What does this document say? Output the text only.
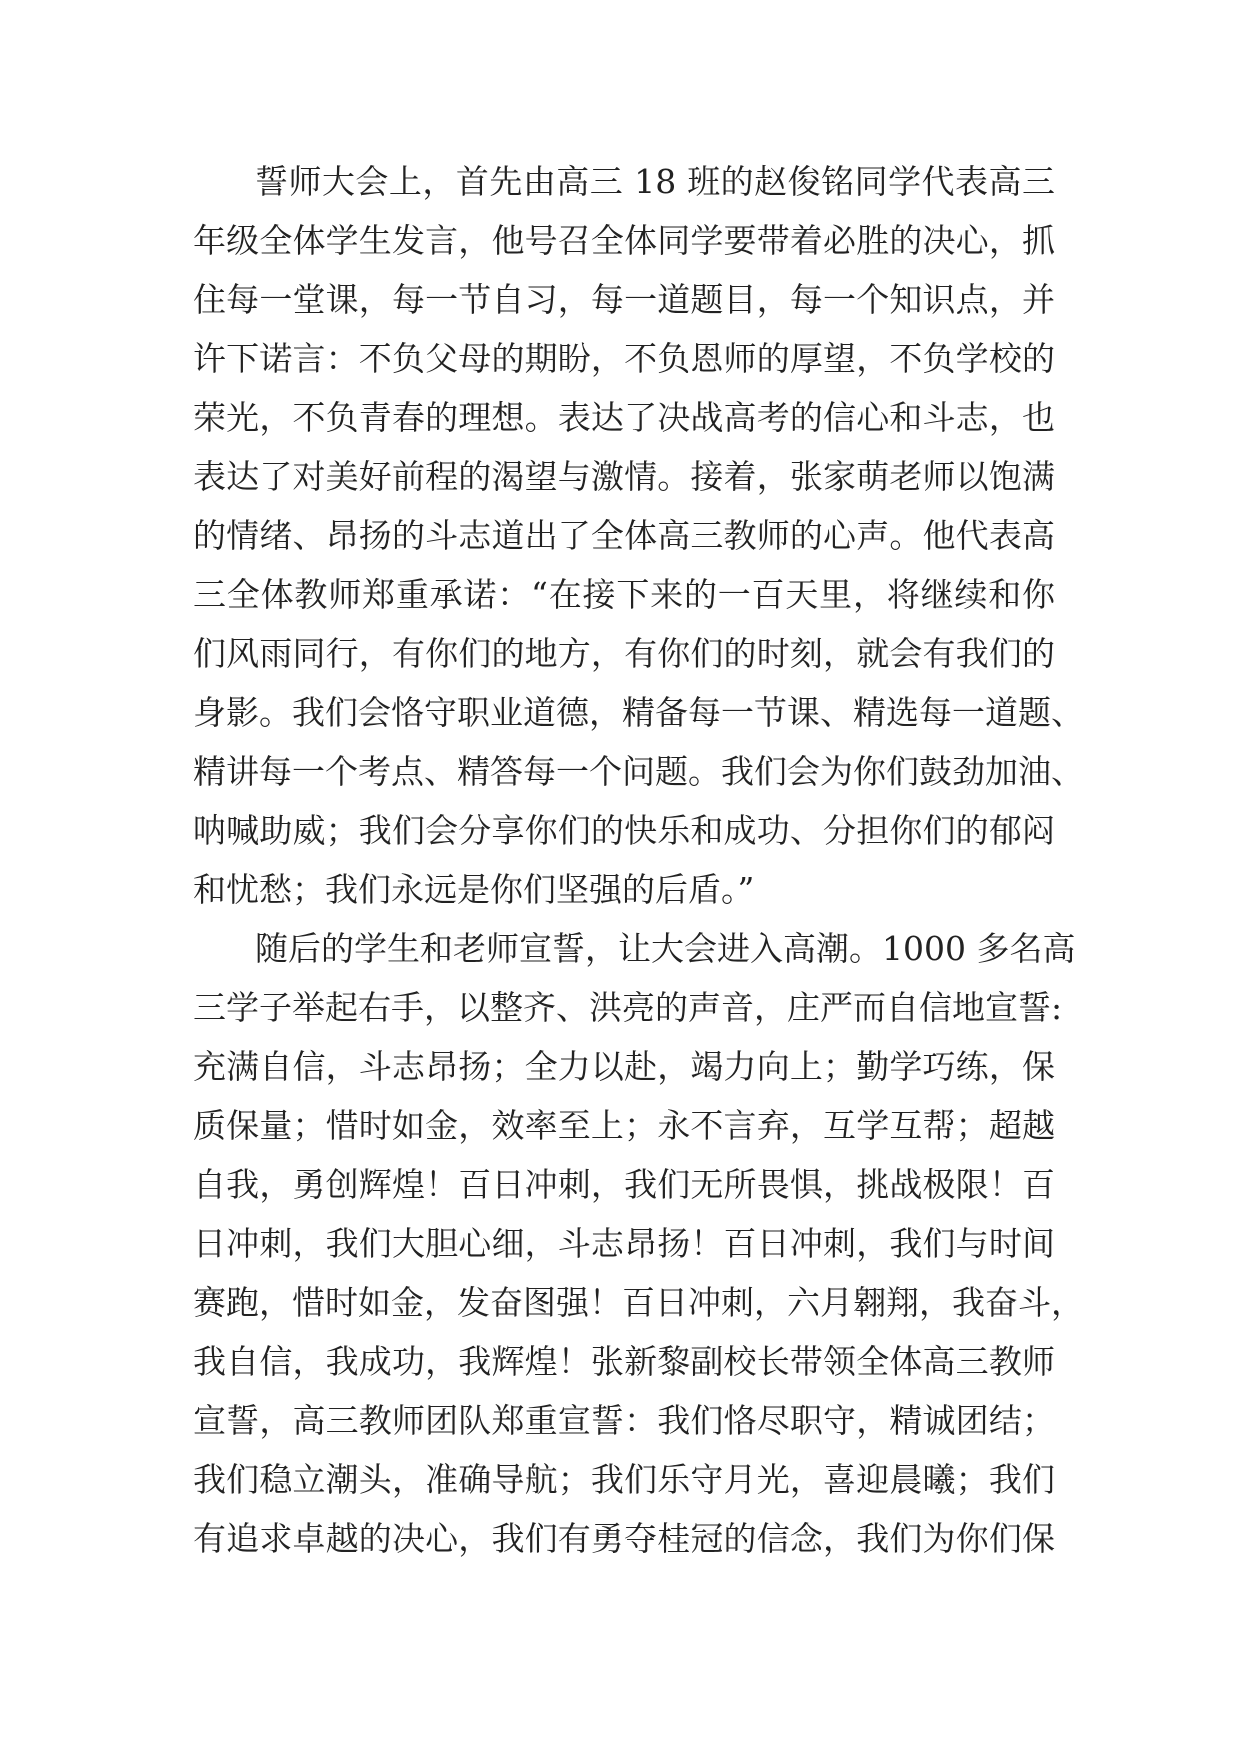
誓师大会上，首先由高三 18 班的赵俊铭同学代表高三
年级全体学生发言，他号召全体同学要带着必胜的决心，抓
住每一堂课，每一节自习，每一道题目，每一个知识点，并
许下诺言：不负父母的期盼，不负恩师的厚望，不负学校的
荣光，不负青春的理想。表达了决战高考的信心和斗志，也
表达了对美好前程的渴望与激情。接着，张家萌老师以饱满
的情绪、昂扬的斗志道出了全体高三教师的心声。他代表高
三全体教师郑重承诺：“在接下来的一百天里，将继续和你
们风雨同行，有你们的地方，有你们的时刻，就会有我们的
身影。我们会恪守职业道德，精备每一节课、精选每一道题、
精讲每一个考点、精答每一个问题。我们会为你们鼓劲加油、
呐喊助威；我们会分享你们的快乐和成功、分担你们的郁闷
和忧愁；我们永远是你们坚强的后盾。”
随后的学生和老师宣誓，让大会进入高潮。1000 多名高
三学子举起右手，以整齐、洪亮的声音，庄严而自信地宣誓:
充满自信，斗志昂扬；全力以赴，竭力向上；勤学巧练，保
质保量；惜时如金，效率至上；永不言弃，互学互帮；超越
自我，勇创辉煌！百日冲刺，我们无所畏惧，挑战极限！百
日冲刺，我们大胆心细，斗志昂扬！百日冲刺，我们与时间
赛跑，惜时如金，发奋图强！百日冲刺，六月翱翔，我奋斗，
我自信，我成功，我辉煌！张新黎副校长带领全体高三教师
宣誓，高三教师团队郑重宣誓：我们恪尽职守，精诚团结；
我们稳立潮头，准确导航；我们乐守月光，喜迎晨曦；我们
有追求卓越的决心，我们有勇夺桂冠的信念，我们为你们保
